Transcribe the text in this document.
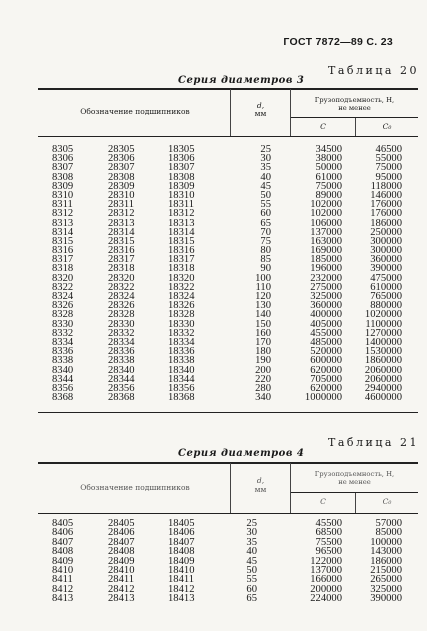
ГОСТ 7872—89 С. 23
Таблица 20
Серия диаметров 3
Обозначение подшипников
d,
мм
Грузоподъемность, Н,
не менее
C	C₀
8305
8306
8307
8308
8309
8310
8311
8312
8313
8314
8315
8316
8317
8318
8320
8322
8324
8326
8328
8330
8332
8334
8336
8338
8340
8344
8356
8368
28305
28306
28307
28308
28309
28310
28311
28312
28313
28314
28315
28316
28317
28318
28320
28322
28324
28326
28328
28330
28332
28334
28336
28338
28340
28344
28356
28368
18305
18306
18307
18308
18309
18310
18311
18312
18313
18314
18315
18316
18317
18318
18320
18322
18324
18326
18328
18330
18332
18334
18336
18338
18340
18344
18356
18368
25
30
35
40
45
50
55
60
65
70
75
80
85
90
100
110
120
130
140
150
160
170
180
190
200
220
280
340
34500
38000
50000
61000
75000
89000
102000
102000
106000
137000
163000
169000
185000
196000
232000
275000
325000
360000
400000
405000
455000
485000
520000
600000
620000
705000
620000
1000000
46500
55000
75000
95000
118000
146000
176000
176000
186000
250000
300000
300000
360000
390000
475000
610000
765000
880000
1020000
1100000
1270000
1400000
1530000
1860000
2060000
2060000
2940000
4600000
Таблица 21
Серия диаметров 4
Обозначение подшипников
d,
мм
Грузоподъемность, Н,
не менее
C	C₀
8405
8406
8407
8408
8409
8410
8411
8412
8413
28405
28406
28407
28408
28409
28410
28411
28412
28413
18405
18406
18407
18408
18409
18410
18411
18412
18413
25
30
35
40
45
50
55
60
65
45500
68500
75500
96500
122000
137000
166000
200000
224000
57000
85000
100000
143000
186000
215000
265000
325000
390000
